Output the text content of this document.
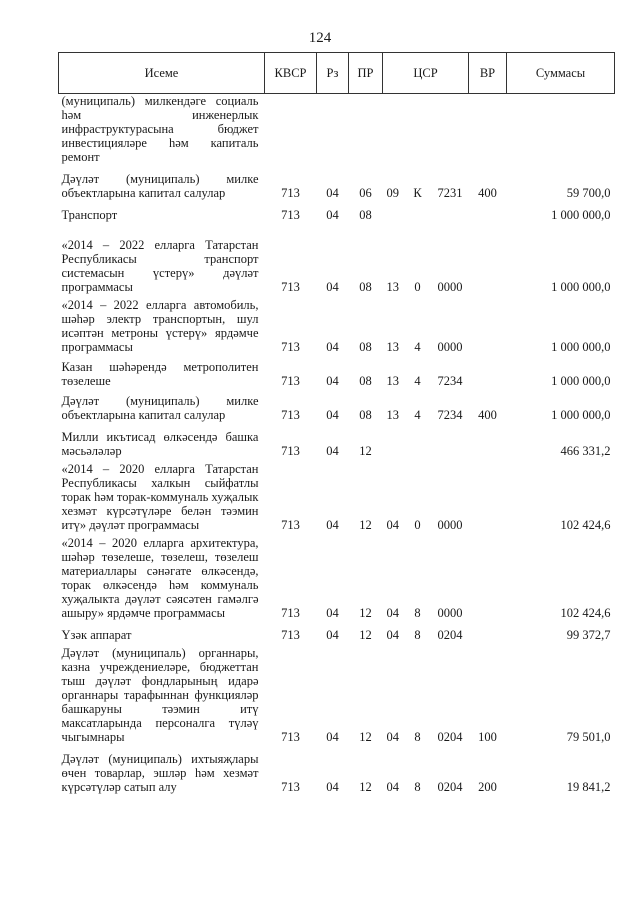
124
Исеме	КВСР	Рз	ПР	ЦСР	ВР	Суммасы
(муниципаль) милкендәге социаль һәм инженерлык инфраструктурасына бюджет инвестицияләре һәм капиталь ремонт				

Дәүләт (муниципаль) милке объектларына капитал салулар	713	04	06	09 К 7231	400	59 700,0
Транспорт	713	04	08			1 000 000,0
«2014 – 2022 елларга Татарстан Республикасы транспорт системасын үстерү» дәүләт программасы	713	04	08	13 0 0000		1 000 000,0
«2014 – 2022 елларга автомобиль, шәһәр электр транспортын, шул исәптән метроны үстерү» ярдәмче программасы	713	04	08	13 4 0000		1 000 000,0
Казан шәһәрендә метрополитен төзелеше	713	04	08	13 4 7234		1 000 000,0
Дәүләт (муниципаль) милке объектларына капитал салулар	713	04	08	13 4 7234	400	1 000 000,0
Милли икътисад өлкәсендә башка мәсьәләләр	713	04	12			466 331,2
«2014 – 2020 елларга Татарстан Республикасы халкын сыйфатлы торак һәм торак-коммуналь хуҗалык хезмәт күрсәтүләре белән тәэмин итү» дәүләт программасы	713	04	12	04 0 0000		102 424,6
«2014 – 2020 елларга архитектура, шәһәр төзелеше, төзелеш, төзелеш материаллары сәнәгате өлкәсендә, торак өлкәсендә һәм коммуналь хуҗалыкта дәүләт сәясәтен гамәлгә ашыру» ярдәмче программасы	713	04	12	04 8 0000		102 424,6
Үзәк аппарат	713	04	12	04 8 0204		99 372,7
Дәүләт (муниципаль) органнары, казна учреждениеләре, бюджеттан тыш дәүләт фондларының идарә органнары тарафыннан функцияләр башкаруны тәэмин итү максатларында персоналга түләү чыгымнары	713	04	12	04 8 0204	100	79 501,0
Дәүләт (муниципаль) ихтыяҗлары өчен товарлар, эшләр һәм хезмәт күрсәтүләр сатып алу	713	04	12	04 8 0204	200	19 841,2
